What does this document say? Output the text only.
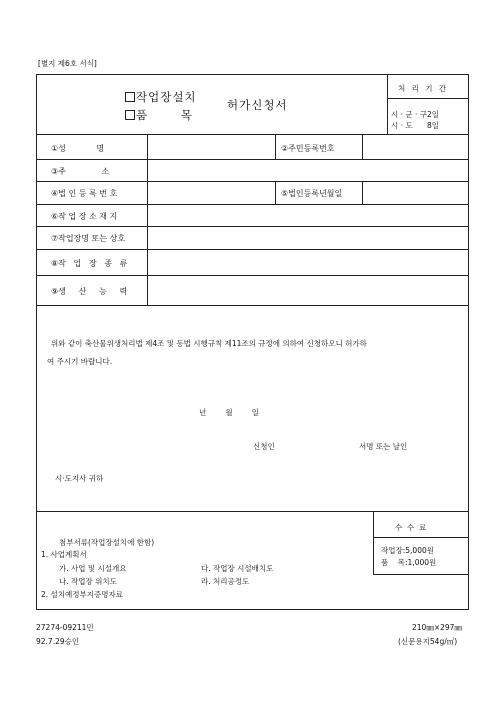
[별지 제6호 서식]
작업장설치
품       목
허가신청서
처 리 기 간
시 · 군 · 구2일
시 · 도      8일
①성            명	②주민등록번호
③주              소
④법 인 등 록 번 호	⑤법인등록년월일
⑥작 업 장 소 재 지
⑦작업장명 또는 상호
⑧작   업   장   종   류
⑨생     산     능     력
위와 같이 축산물위생처리법 제4조 및 동법 시행규칙 제11조의 규정에 의하여 신청하오니 허가하
여 주시기 바랍니다.
년        월        일
신청인	서명 또는 날인
시·도지사 귀하
수  수  료
작업장:5,000원
품    목:1,000원
첨부서류(작업장설치에 한함)
1. 사업계획서
가. 사업 및 시설개요	다. 작업장 시설배치도
나. 작업장 위치도	라. 처리공정도
2. 설치예정부지증명자료
27274-09211민
92.7.29승인
210㎜×297㎜
(신문용지54g/㎡)
